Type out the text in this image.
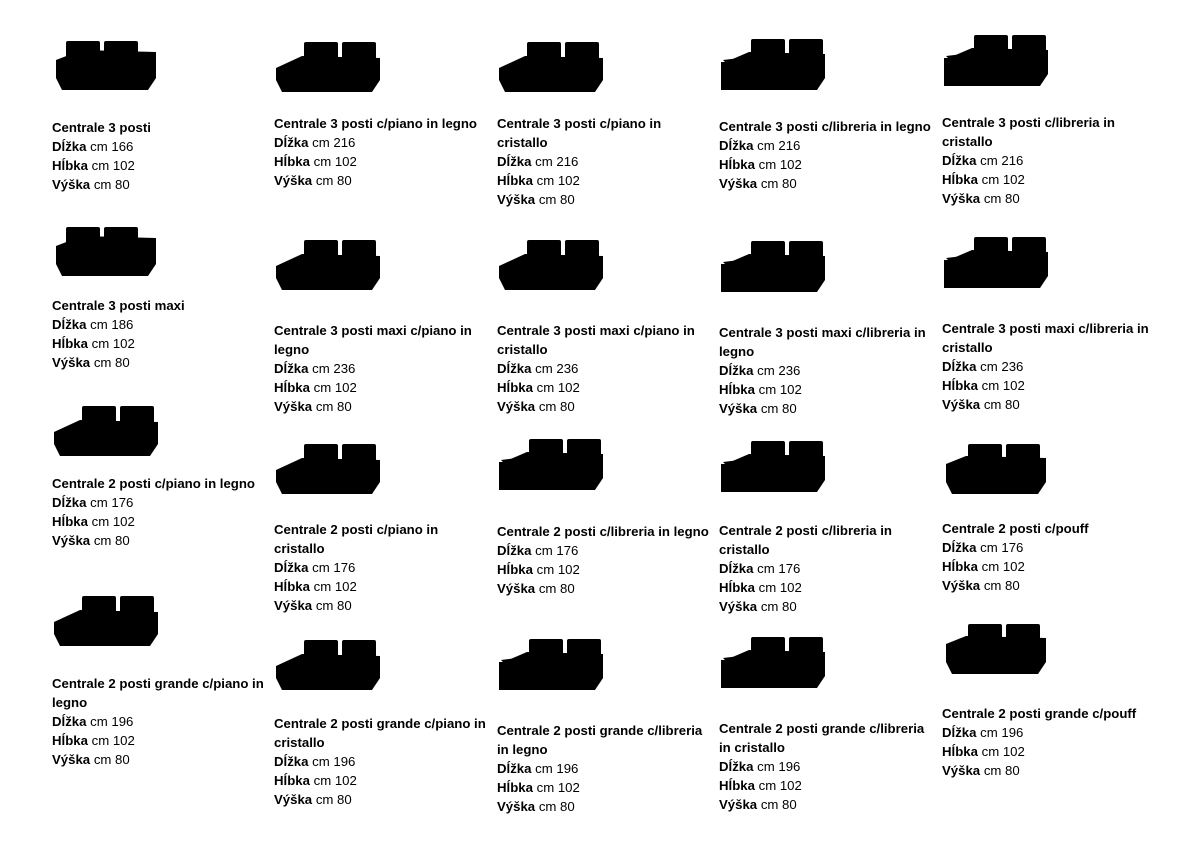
Centrale 3 posti
Dĺžka cm 166
Hĺbka cm 102
Výška cm 80
Centrale 3 posti maxi
Dĺžka cm 186
Hĺbka cm 102
Výška cm 80
Centrale 2 posti c/piano in legno
Dĺžka cm 176
Hĺbka cm 102
Výška cm 80
Centrale 2 posti grande c/piano in legno
Dĺžka cm 196
Hĺbka cm 102
Výška cm 80
Centrale 3 posti c/piano in legno
Dĺžka cm 216
Hĺbka cm 102
Výška cm 80
Centrale 3 posti maxi c/piano in legno
Dĺžka cm 236
Hĺbka cm 102
Výška cm 80
Centrale 2 posti c/piano in cristallo
Dĺžka cm 176
Hĺbka cm 102
Výška cm 80
Centrale 2 posti grande c/piano in cristallo
Dĺžka cm 196
Hĺbka cm 102
Výška cm 80
Centrale 3 posti c/piano in cristallo
Dĺžka cm 216
Hĺbka cm 102
Výška cm 80
Centrale 3 posti maxi c/piano in cristallo
Dĺžka cm 236
Hĺbka cm 102
Výška cm 80
Centrale 2 posti c/libreria in legno
Dĺžka cm 176
Hĺbka cm 102
Výška cm 80
Centrale 2 posti grande c/libreria in legno
Dĺžka cm 196
Hĺbka cm 102
Výška cm 80
Centrale 3 posti c/libreria in legno
Dĺžka cm 216
Hĺbka cm 102
Výška cm 80
Centrale 3 posti maxi c/libreria in legno
Dĺžka cm 236
Hĺbka cm 102
Výška cm 80
Centrale 2 posti c/libreria in cristallo
Dĺžka cm 176
Hĺbka cm 102
Výška cm 80
Centrale 2 posti grande c/libreria in cristallo
Dĺžka cm 196
Hĺbka cm 102
Výška cm 80
Centrale 3 posti c/libreria in cristallo
Dĺžka cm 216
Hĺbka cm 102
Výška cm 80
Centrale 3 posti maxi c/libreria in cristallo
Dĺžka cm 236
Hĺbka cm 102
Výška cm 80
Centrale 2 posti c/pouff
Dĺžka cm 176
Hĺbka cm 102
Výška cm 80
Centrale 2 posti grande c/pouff
Dĺžka cm 196
Hĺbka cm 102
Výška cm 80
